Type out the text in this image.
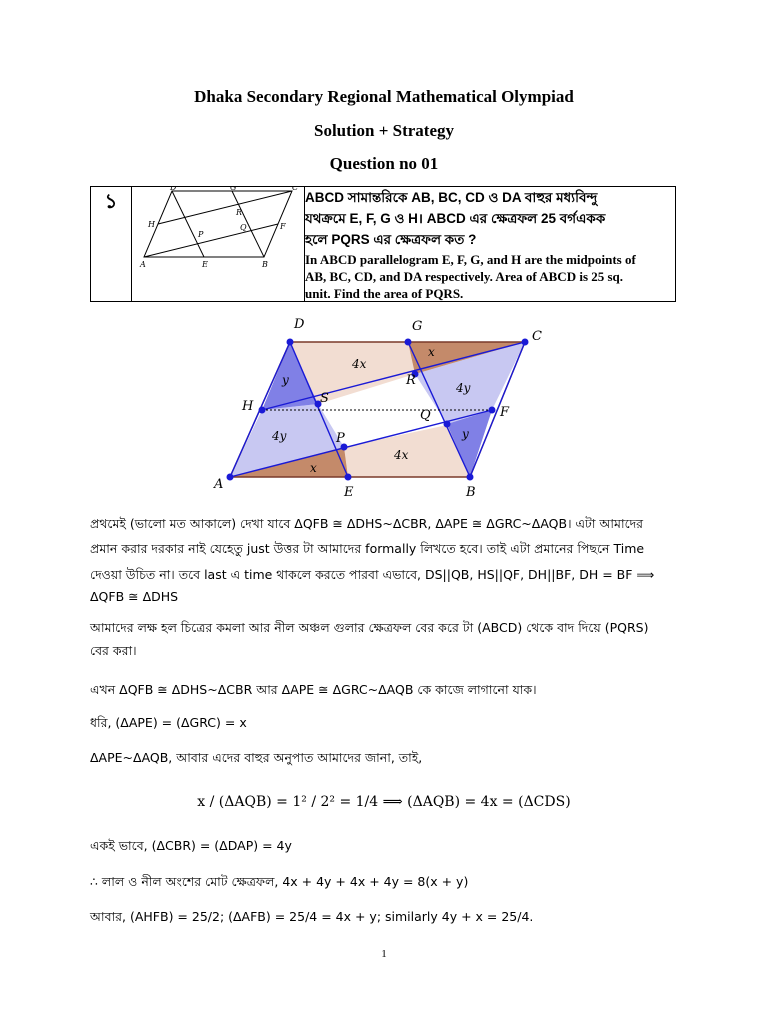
Dhaka Secondary Regional Mathematical Olympiad
Solution + Strategy
Question no 01
১	
D	G	C
H
R
Q	F
P
A	E	B

ABCD সামান্তরিকে AB, BC, CD ও DA বাহুর মধ্যবিন্দু
যথক্রমে E, F, G ও H। ABCD এর ক্ষেত্রফল 25 বর্গএকক
হলে PQRS এর ক্ষেত্রফল কত ?
In ABCD parallelogram E, F, G, and H are the midpoints of
AB, BC, CD, and DA respectively. Area of ABCD is 25 sq.
unit. Find the area of PQRS.
A
B
C
D
E
F
G
H
P
Q
R
S
4x
x
4y
y
y
4y
4x
x
প্রথমেই (ভালো মত আকালে) দেখা যাবে ΔQFB ≅ ΔDHS~ΔCBR, ΔAPE ≅ ΔGRC~ΔAQB। এটা আমাদের
প্রমান করার দরকার নাই যেহেতু just উত্তর টা আমাদের formally লিখতে হবে। তাই এটা প্রমানের পিছনে Time
দেওয়া উচিত না। তবে last এ time থাকলে করতে পারবা এভাবে, DS||QB, HS||QF, DH||BF, DH = BF ⟹
ΔQFB ≅ ΔDHS
আমাদের লক্ষ হল চিত্রের কমলা আর নীল অঞ্চল গুলার ক্ষেত্রফল বের করে টা (ABCD) থেকে বাদ দিয়ে (PQRS)
বের করা।
এখন ΔQFB ≅ ΔDHS~ΔCBR আর ΔAPE ≅ ΔGRC~ΔAQB কে কাজে লাগানো যাক।
ধরি, (ΔAPE) = (ΔGRC) = x
ΔAPE~ΔAQB, আবার এদের বাহুর অনুপাত আমাদের জানা, তাই,
x / (ΔAQB) = 1² / 2² = 1/4 ⟹ (ΔAQB) = 4x = (ΔCDS)
একই ভাবে, (ΔCBR) = (ΔDAP) = 4y
∴ লাল ও নীল অংশের মোট ক্ষেত্রফল, 4x + 4y + 4x + 4y = 8(x + y)
আবার, (AHFB) = 25/2; (ΔAFB) = 25/4 = 4x + y; similarly 4y + x = 25/4.
1
